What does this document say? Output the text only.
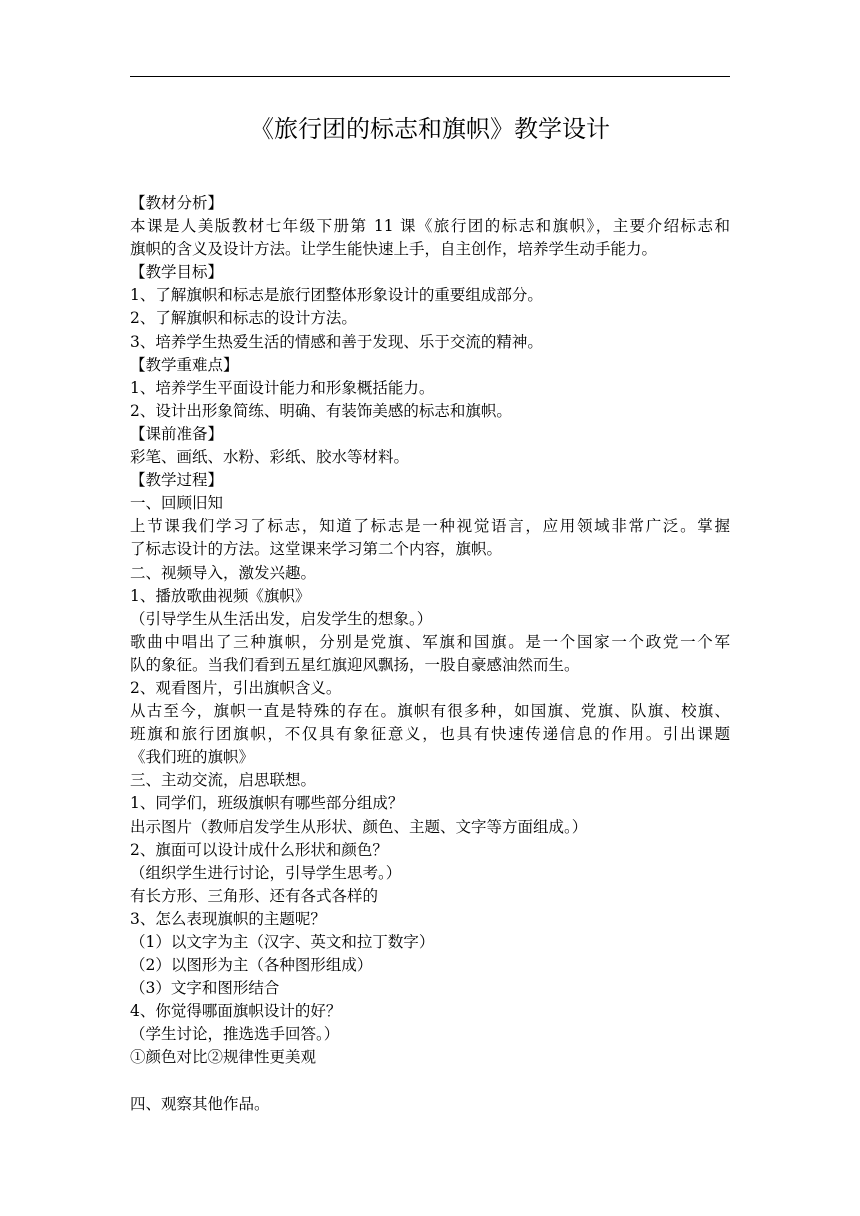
《旅行团的标志和旗帜》教学设计
【教材分析】
本课是人美版教材七年级下册第 11 课《旅行团的标志和旗帜》，主要介绍标志和
旗帜的含义及设计方法。让学生能快速上手，自主创作，培养学生动手能力。
【教学目标】
1、了解旗帜和标志是旅行团整体形象设计的重要组成部分。
2、了解旗帜和标志的设计方法。
3、培养学生热爱生活的情感和善于发现、乐于交流的精神。
【教学重难点】
1、培养学生平面设计能力和形象概括能力。
2、设计出形象简练、明确、有装饰美感的标志和旗帜。
【课前准备】
彩笔、画纸、水粉、彩纸、胶水等材料。
【教学过程】
一、回顾旧知
上节课我们学习了标志，知道了标志是一种视觉语言，应用领域非常广泛。掌握
了标志设计的方法。这堂课来学习第二个内容，旗帜。
二、视频导入，激发兴趣。
1、播放歌曲视频《旗帜》
（引导学生从生活出发，启发学生的想象。）
歌曲中唱出了三种旗帜，分别是党旗、军旗和国旗。是一个国家一个政党一个军
队的象征。当我们看到五星红旗迎风飘扬，一股自豪感油然而生。
2、观看图片，引出旗帜含义。
从古至今，旗帜一直是特殊的存在。旗帜有很多种，如国旗、党旗、队旗、校旗、
班旗和旅行团旗帜，不仅具有象征意义，也具有快速传递信息的作用。引出课题
《我们班的旗帜》
三、主动交流，启思联想。
1、同学们，班级旗帜有哪些部分组成？
出示图片（教师启发学生从形状、颜色、主题、文字等方面组成。）
2、旗面可以设计成什么形状和颜色？
（组织学生进行讨论，引导学生思考。）
有长方形、三角形、还有各式各样的
3、怎么表现旗帜的主题呢？
（1）以文字为主（汉字、英文和拉丁数字）
（2）以图形为主（各种图形组成）
（3）文字和图形结合
4、你觉得哪面旗帜设计的好？
（学生讨论，推选选手回答。）
①颜色对比②规律性更美观
四、观察其他作品。
